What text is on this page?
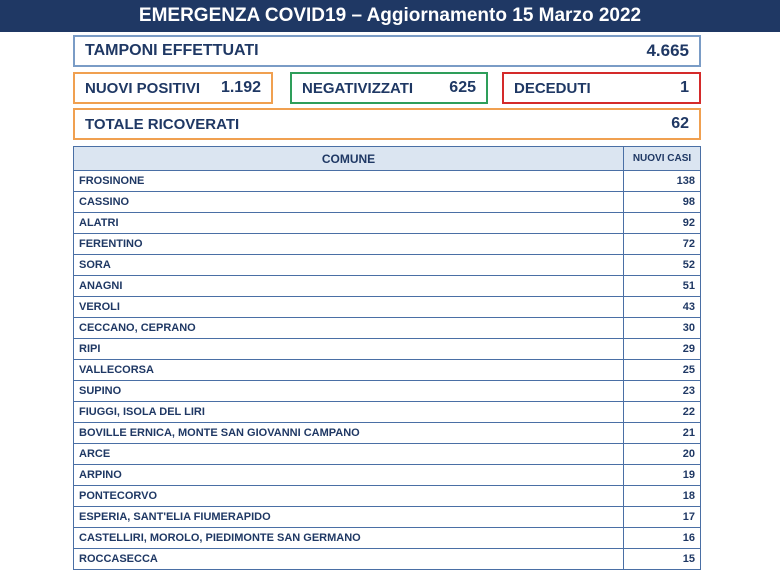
EMERGENZA COVID19 – Aggiornamento 15 Marzo 2022
TAMPONI EFFETTUATI	4.665
NUOVI POSITIVI 1.192	NEGATIVIZZATI 625	DECEDUTI	1
TOTALE RICOVERATI	62
COMUNE	NUOVI CASI
FROSINONE	138
CASSINO	98
ALATRI	92
FERENTINO	72
SORA	52
ANAGNI	51
VEROLI	43
CECCANO, CEPRANO	30
RIPI	29
VALLECORSA	25
SUPINO	23
FIUGGI, ISOLA DEL LIRI	22
BOVILLE ERNICA, MONTE SAN GIOVANNI CAMPANO	21
ARCE	20
ARPINO	19
PONTECORVO	18
ESPERIA, SANT'ELIA FIUMERAPIDO	17
CASTELLIRI, MOROLO, PIEDIMONTE SAN GERMANO	16
ROCCASECCA	15
